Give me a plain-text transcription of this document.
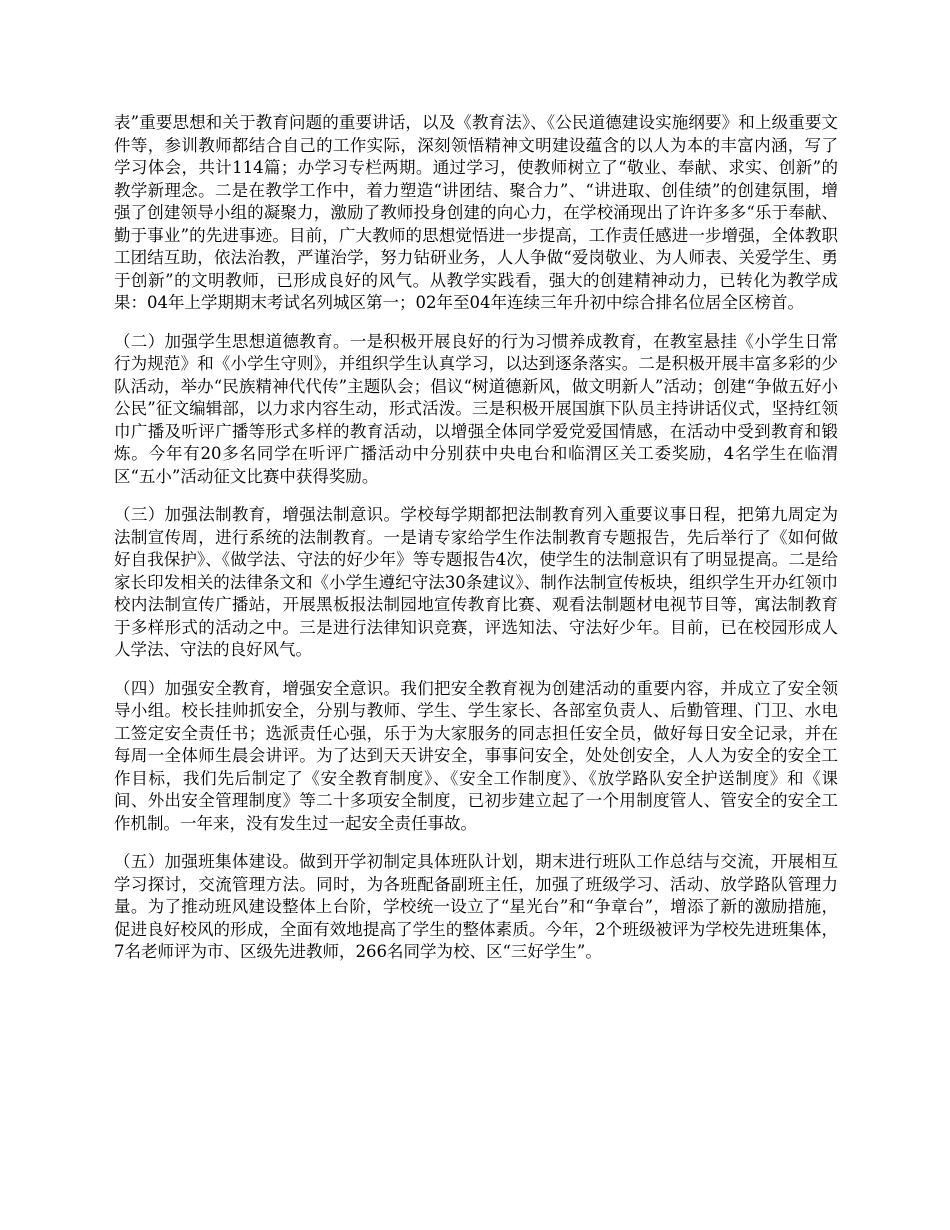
表”重要思想和关于教育问题的重要讲话，以及《教育法》、《公民道德建设实施纲要》和上级重要文件等，参训教师都结合自己的工作实际，深刻领悟精神文明建设蕴含的以人为本的丰富内涵，写了学习体会，共计114篇；办学习专栏两期。通过学习，使教师树立了“敬业、奉献、求实、创新”的教学新理念。二是在教学工作中，着力塑造“讲团结、聚合力”、“讲进取、创佳绩”的创建氛围，增强了创建领导小组的凝聚力，激励了教师投身创建的向心力，在学校涌现出了许许多多“乐于奉献、勤于事业”的先进事迹。目前，广大教师的思想觉悟进一步提高，工作责任感进一步增强，全体教职工团结互助，依法治教，严谨治学，努力钻研业务，人人争做“爱岗敬业、为人师表、关爱学生、勇于创新”的文明教师，已形成良好的风气。从教学实践看，强大的创建精神动力，已转化为教学成果：04年上学期期末考试名列城区第一；02年至04年连续三年升初中综合排名位居全区榜首。

（二）加强学生思想道德教育。一是积极开展良好的行为习惯养成教育，在教室悬挂《小学生日常行为规范》和《小学生守则》，并组织学生认真学习，以达到逐条落实。二是积极开展丰富多彩的少队活动，举办“民族精神代代传”主题队会；倡议“树道德新风，做文明新人”活动；创建“争做五好小公民”征文编辑部，以力求内容生动，形式活泼。三是积极开展国旗下队员主持讲话仪式，坚持红领巾广播及听评广播等形式多样的教育活动，以增强全体同学爱党爱国情感，在活动中受到教育和锻炼。今年有20多名同学在听评广播活动中分别获中央电台和临渭区关工委奖励，4名学生在临渭区“五小”活动征文比赛中获得奖励。

（三）加强法制教育，增强法制意识。学校每学期都把法制教育列入重要议事日程，把第九周定为法制宣传周，进行系统的法制教育。一是请专家给学生作法制教育专题报告，先后举行了《如何做好自我保护》、《做学法、守法的好少年》等专题报告4次，使学生的法制意识有了明显提高。二是给家长印发相关的法律条文和《小学生遵纪守法30条建议》、制作法制宣传板块，组织学生开办红领巾校内法制宣传广播站，开展黑板报法制园地宣传教育比赛、观看法制题材电视节目等，寓法制教育于多样形式的活动之中。三是进行法律知识竞赛，评选知法、守法好少年。目前，已在校园形成人人学法、守法的良好风气。

（四）加强安全教育，增强安全意识。我们把安全教育视为创建活动的重要内容，并成立了安全领导小组。校长挂帅抓安全，分别与教师、学生、学生家长、各部室负责人、后勤管理、门卫、水电工签定安全责任书；选派责任心强，乐于为大家服务的同志担任安全员，做好每日安全记录，并在每周一全体师生晨会讲评。为了达到天天讲安全，事事问安全，处处创安全，人人为安全的安全工作目标，我们先后制定了《安全教育制度》、《安全工作制度》、《放学路队安全护送制度》和《课间、外出安全管理制度》等二十多项安全制度，已初步建立起了一个用制度管人、管安全的安全工作机制。一年来，没有发生过一起安全责任事故。

（五）加强班集体建设。做到开学初制定具体班队计划，期末进行班队工作总结与交流，开展相互学习探讨，交流管理方法。同时，为各班配备副班主任，加强了班级学习、活动、放学路队管理力量。为了推动班风建设整体上台阶，学校统一设立了“星光台”和“争章台”，增添了新的激励措施，促进良好校风的形成，全面有效地提高了学生的整体素质。今年，2个班级被评为学校先进班集体，7名老师评为市、区级先进教师，266名同学为校、区“三好学生”。
